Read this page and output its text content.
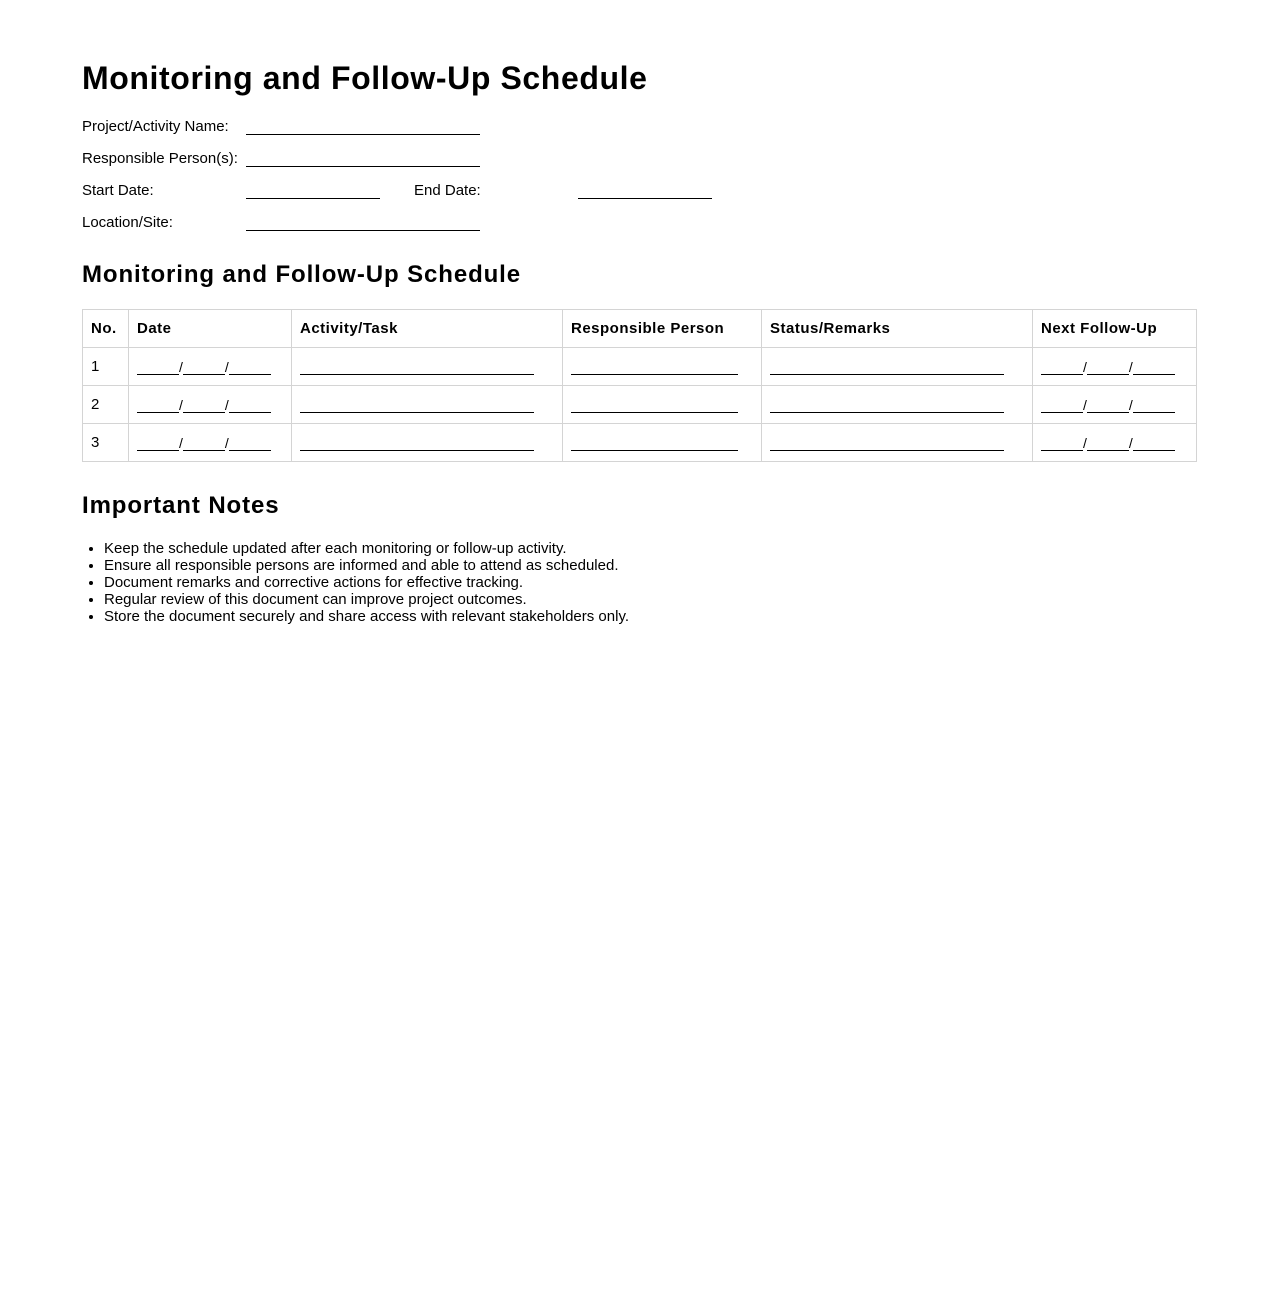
Monitoring and Follow-Up Schedule
Project/Activity Name:
Responsible Person(s):
Start Date:	End Date:
Location/Site:
Monitoring and Follow-Up Schedule
No.	Date	Activity/Task	Responsible Person	Status/Remarks	Next Follow-Up
1	/ /				/ /

2	/ /				/ /

3	/ /				/ /
Important Notes
• Keep the schedule updated after each monitoring or follow-up activity.
• Ensure all responsible persons are informed and able to attend as scheduled.
• Document remarks and corrective actions for effective tracking.
• Regular review of this document can improve project outcomes.
• Store the document securely and share access with relevant stakeholders only.
